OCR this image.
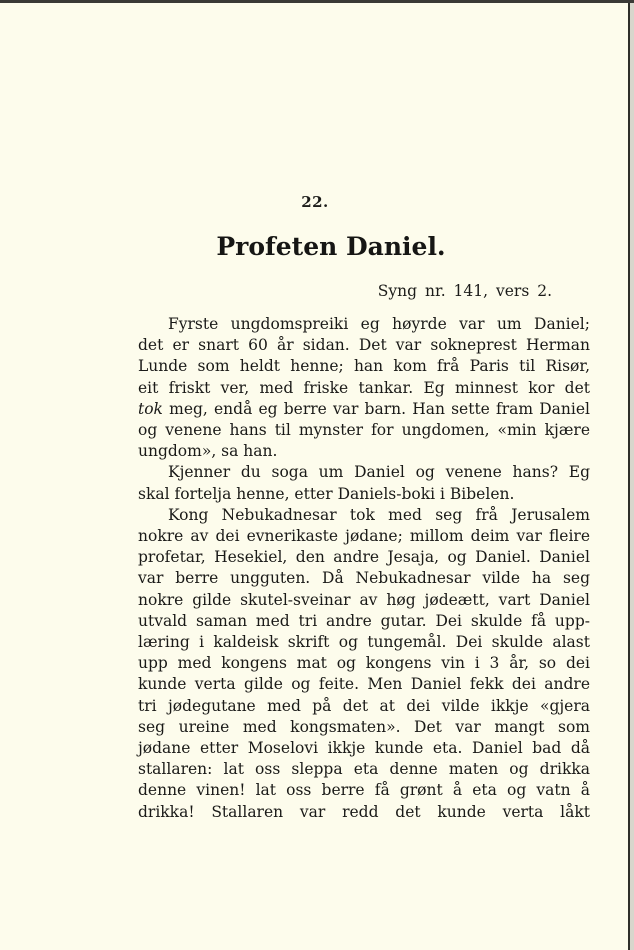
22.
Profeten Daniel.
Syng nr. 141, vers 2.
Fyrste ungdomspreiki eg høyrde var um Daniel;
det er snart 60 år sidan. Det var sokneprest Herman
Lunde som heldt henne; han kom frå Paris til Risør,
eit friskt ver, med friske tankar. Eg minnest kor det
tok meg, endå eg berre var barn. Han sette fram Daniel
og venene hans til mynster for ungdomen, «min kjære
ungdom», sa han.
Kjenner du soga um Daniel og venene hans? Eg
skal fortelja henne, etter Daniels-boki i Bibelen.
Kong Nebukadnesar tok med seg frå Jerusalem
nokre av dei evnerikaste jødane; millom deim var fleire
profetar, Hesekiel, den andre Jesaja, og Daniel. Daniel
var berre ungguten. Då Nebukadnesar vilde ha seg
nokre gilde skutel-sveinar av høg jødeætt, vart Daniel
utvald saman med tri andre gutar. Dei skulde få upp-
læring i kaldeisk skrift og tungemål. Dei skulde alast
upp med kongens mat og kongens vin i 3 år, so dei
kunde verta gilde og feite. Men Daniel fekk dei andre
tri jødegutane med på det at dei vilde ikkje «gjera
seg ureine med kongsmaten». Det var mangt som
jødane etter Moselovi ikkje kunde eta. Daniel bad då
stallaren: lat oss sleppa eta denne maten og drikka
denne vinen! lat oss berre få grønt å eta og vatn å
drikka! Stallaren var redd det kunde verta låkt
